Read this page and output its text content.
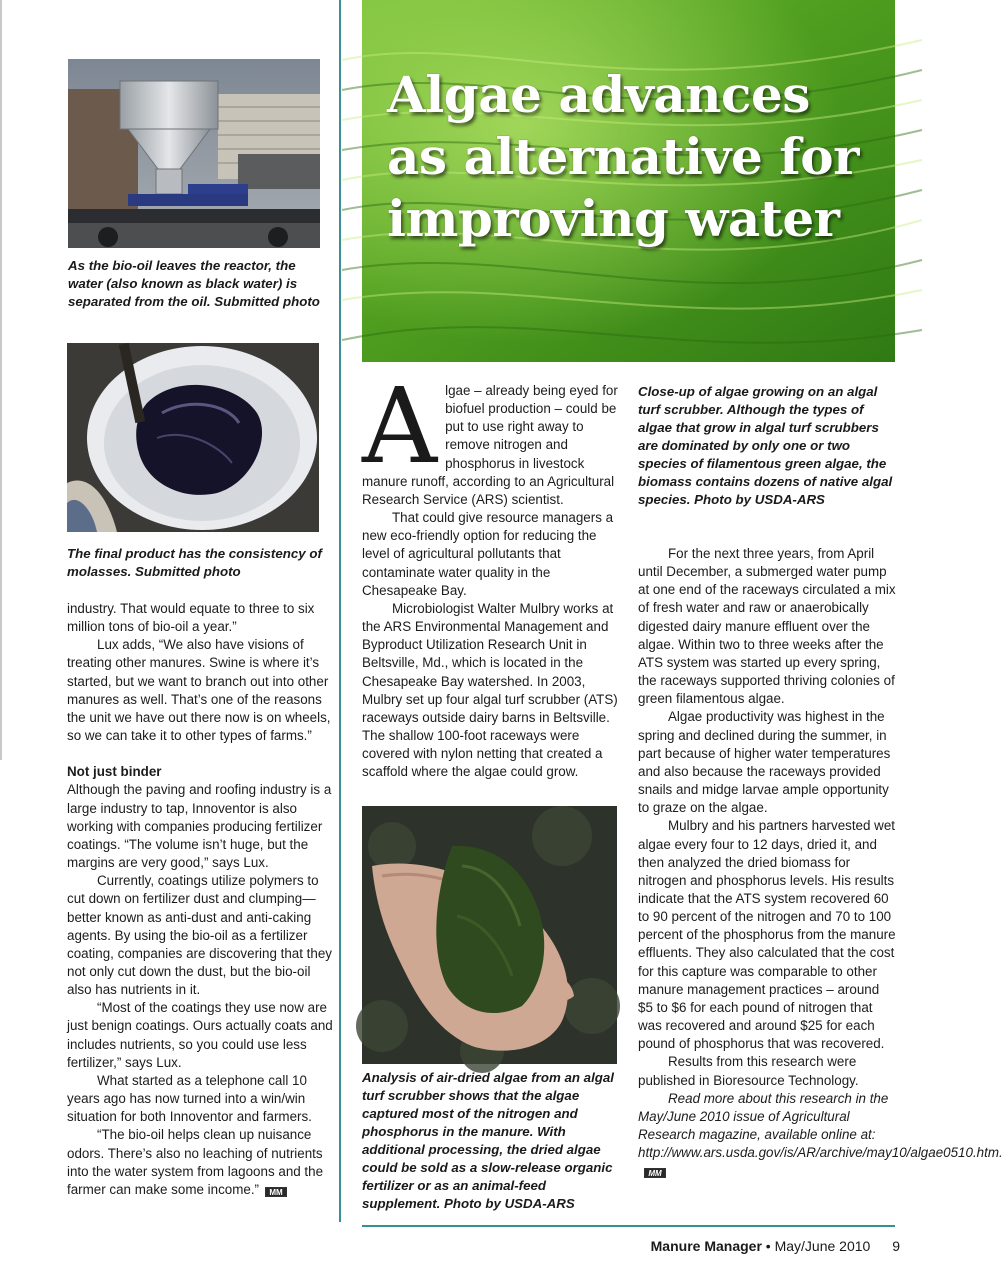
As the bio-oil leaves the reactor, the water (also known as black water) is separated from the oil. Submitted photo
The final product has the consistency of molasses. Submitted photo
Algae advances
as alternative for
improving water
Analysis of air-dried algae from an algal turf scrubber shows that the algae captured most of the nitrogen and phosphorus in the manure. With additional processing, the dried algae could be sold as a slow-release organic fertilizer or as an animal-feed supplement. Photo by USDA-ARS
Close-up of algae growing on an algal turf scrubber. Although the types of algae that grow in algal turf scrubbers are dominated by only one or two species of filamentous green algae, the biomass contains dozens of native algal species. Photo by USDA-ARS

industry. That would equate to three to six million tons of bio-oil a year.”

Lux adds, “We also have visions of treating other manures. Swine is where it’s started, but we want to branch out into other manures as well. That’s one of the reasons the unit we have out there now is on wheels, so we can take it to other types of farms.”

Not just binder

Although the paving and roofing industry is a large industry to tap, Innoventor is also working with companies producing fertilizer coatings. “The volume isn’t huge, but the margins are very good,” says Lux.

Currently, coatings utilize polymers to cut down on fertilizer dust and clumping—better known as anti-dust and anti-caking agents. By using the bio-oil as a fertilizer coating, companies are discovering that they not only cut down the dust, but the bio-oil also has nutrients in it.

“Most of the coatings they use now are just benign coatings. Ours actually coats and includes nutrients, so you could use less fertilizer,” says Lux.

What started as a telephone call 10 years ago has now turned into a win/win situation for both Innoventor and farmers.

“The bio-oil helps clean up nuisance odors. There’s also no leaching of nutrients into the water system from lagoons and the farmer can make some income.” MM

Algae – already being eyed for biofuel production – could be put to use right away to remove nitrogen and phosphorus in livestock manure runoff, according to an Agricultural Research Service (ARS) scientist.

That could give resource managers a new eco-friendly option for reducing the level of agricultural pollutants that contaminate water quality in the Chesapeake Bay.

Microbiologist Walter Mulbry works at the ARS Environmental Management and Byproduct Utilization Research Unit in Beltsville, Md., which is located in the Chesapeake Bay watershed. In 2003, Mulbry set up four algal turf scrubber (ATS) raceways outside dairy barns in Beltsville. The shallow 100-foot raceways were covered with nylon netting that created a scaffold where the algae could grow.

For the next three years, from April until December, a submerged water pump at one end of the raceways circulated a mix of fresh water and raw or anaerobically digested dairy manure effluent over the algae. Within two to three weeks after the ATS system was started up every spring, the raceways supported thriving colonies of green filamentous algae.

Algae productivity was highest in the spring and declined during the summer, in part because of higher water temperatures and also because the raceways provided snails and midge larvae ample opportunity to graze on the algae.

Mulbry and his partners harvested wet algae every four to 12 days, dried it, and then analyzed the dried biomass for nitrogen and phosphorus levels. His results indicate that the ATS system recovered 60 to 90 percent of the nitrogen and 70 to 100 percent of the phosphorus from the manure effluents. They also calculated that the cost for this capture was comparable to other manure management practices – around $5 to $6 for each pound of nitrogen that was recovered and around $25 for each pound of phosphorus that was recovered.

Results from this research were published in Bioresource Technology.

Read more about this research in the May/June 2010 issue of Agricultural Research magazine, available online at: http://www.ars.usda.gov/is/AR/archive/may10/algae0510.htm.MM

Manure Manager • May/June 2010 9
